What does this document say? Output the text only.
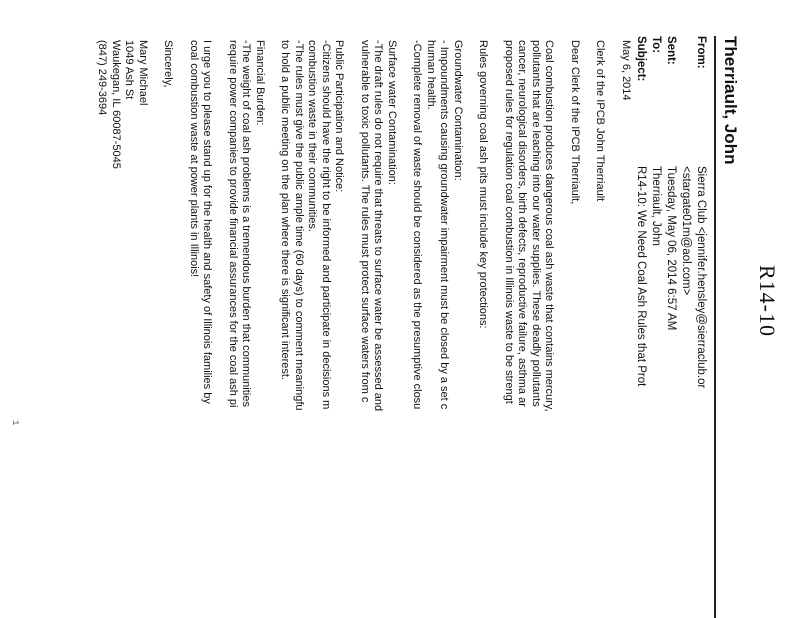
R14-10
Therriault, John
From:
Sierra Club <jennifer.hensley@sierraclub.or
<stargate01m@aol.com>
Sent:
Tuesday, May 06, 2014 6:57 AM
To:
Therriault, John
Subject:
R14-10: We Need Coal Ash Rules that Prot

May 6, 2014

Clerk of the IPCB John Therriault

Dear Clerk of the IPCB Therriault,

Coal combustion produces dangerous coal ash waste that contains mercury,
pollutants that are leaching into our water supplies. These deadly pollutants
cancer, neurological disorders, birth defects, reproductive failure, asthma ar
proposed rules for regulation coal combustion in Illinois waste to be strengt

Rules governing coal ash pits must include key protections:

Groundwater Contamination:
- Impoundments causing groundwater impairment must be closed by a set c
human health.
-Complete removal of waste should be considered as the presumptive closu

Surface water Contamination:
-The draft rules do not require that threats to surface water be assessed and
vulnerable to toxic pollutants. The rules must protect surface waters from c

Public Participation and Notice:
-Citizens should have the right to be informed and participate in decisions m
combustion waste in their communities.
-The rules must give the public ample time (60 days) to comment meaningfu
to hold a public meeting on the plan where there is significant interest.

Financial Burden:
-The weight of coal ash problems is a tremendous burden that communities
require power companies to provide financial assurances for the coal ash pi

I urge you to please stand up for the health and safety of Illinois families by
coal combustion waste at power plants in Illinois!

Sincerely,

Mary Michael
1049 Ash St
Waukegan, IL 60087-5045
(847) 249-3694

1
